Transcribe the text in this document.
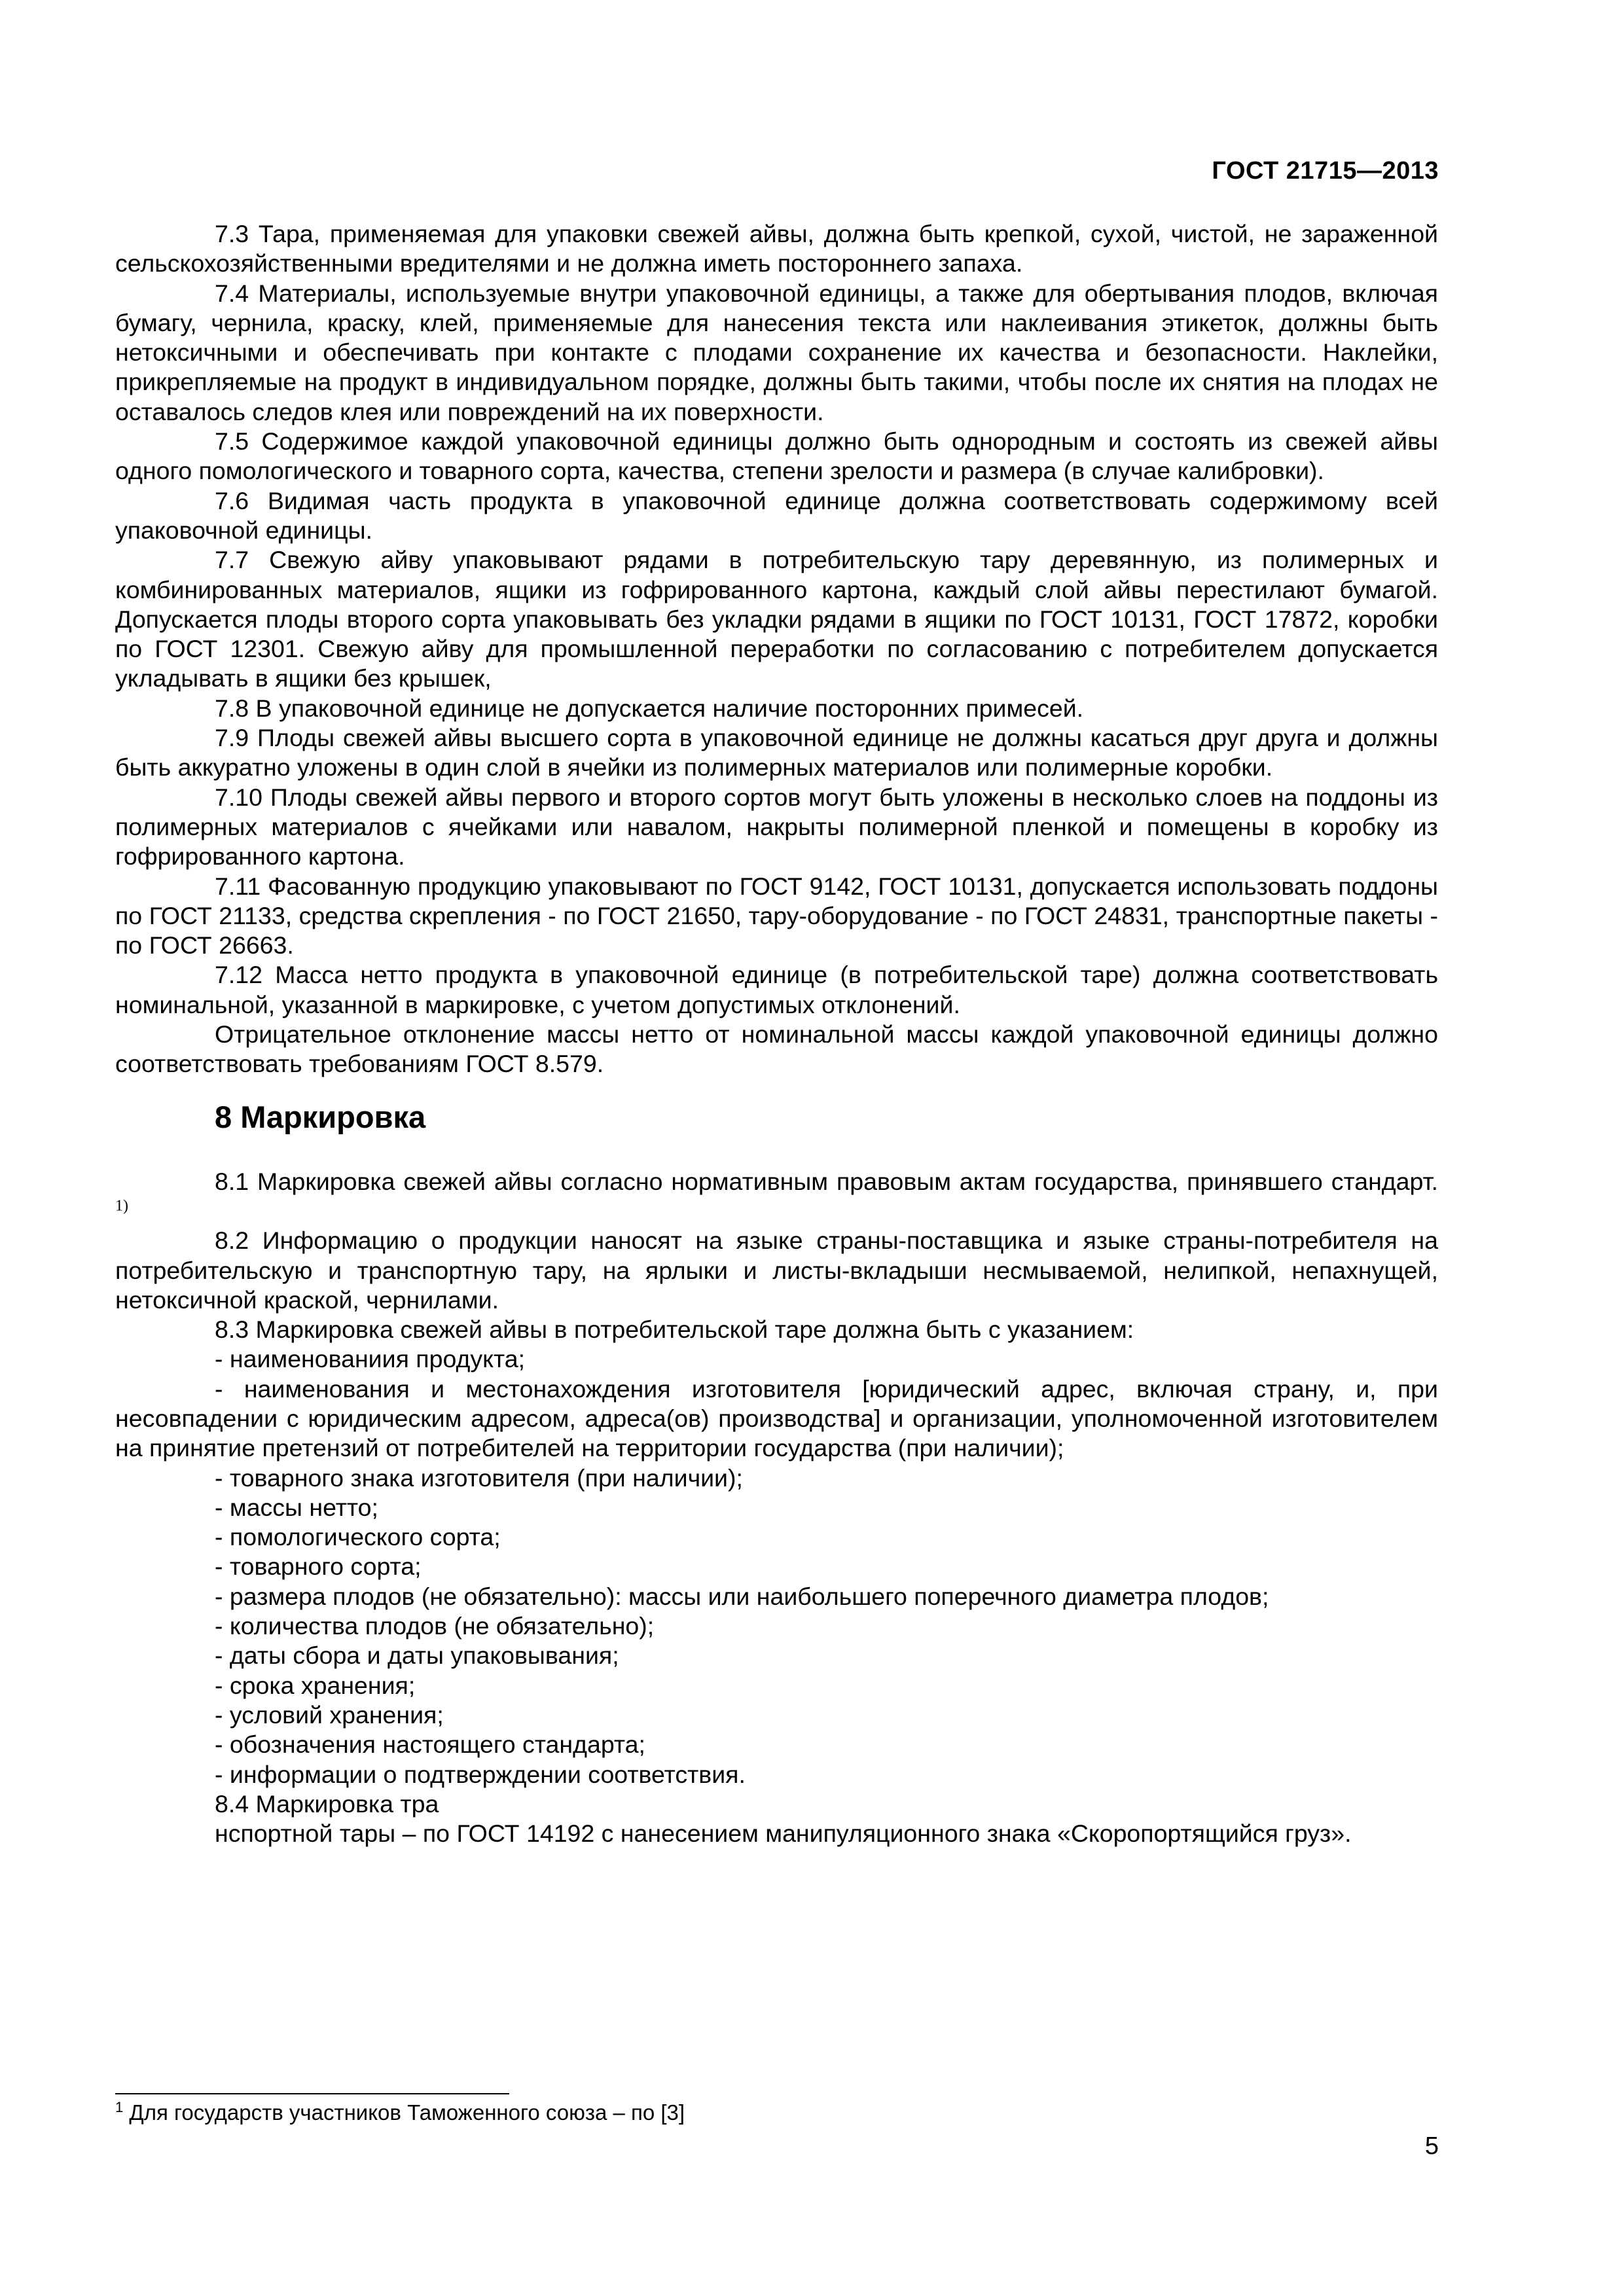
ГОСТ 21715—2013

7.3 Тара, применяемая для упаковки свежей айвы, должна быть крепкой, сухой, чистой, не зараженной сельскохозяйственными вредителями и не должна иметь постороннего запаха.

7.4 Материалы, используемые внутри упаковочной единицы, а также для обертывания плодов, включая бумагу, чернила, краску, клей, применяемые для нанесения текста или наклеивания этикеток, должны быть нетоксичными и обеспечивать при контакте с плодами сохранение их качества и безопасности. Наклейки, прикрепляемые на продукт в индивидуальном порядке, должны быть такими, чтобы после их снятия на плодах не оставалось следов клея или повреждений на их поверхности.

7.5 Содержимое каждой упаковочной единицы должно быть однородным и состоять из свежей айвы одного помологического и товарного сорта, качества, степени зрелости и размера (в случае калибровки).

7.6 Видимая часть продукта в упаковочной единице должна соответствовать содержимому всей упаковочной единицы.

7.7 Свежую айву упаковывают рядами в потребительскую тару деревянную, из полимерных и комбинированных материалов, ящики из гофрированного картона, каждый слой айвы перестилают бумагой. Допускается плоды второго сорта упаковывать без укладки рядами в ящики по ГОСТ 10131, ГОСТ 17872, коробки по ГОСТ 12301. Свежую айву для промышленной переработки по согласованию с потребителем допускается укладывать в ящики без крышек,

7.8 В упаковочной единице не допускается наличие посторонних примесей.

7.9 Плоды свежей айвы высшего сорта в упаковочной единице не должны касаться друг друга и должны быть аккуратно уложены в один слой в ячейки из полимерных материалов или полимерные коробки.

7.10 Плоды свежей айвы первого и второго сортов могут быть уложены в несколько слоев на поддоны из полимерных материалов с ячейками или навалом, накрыты полимерной пленкой и помещены в коробку из гофрированного картона.

7.11 Фасованную продукцию упаковывают по ГОСТ 9142, ГОСТ 10131, допускается использовать поддоны по ГОСТ 21133, средства скрепления - по ГОСТ 21650, тару-оборудование - по ГОСТ 24831, транспортные пакеты - по ГОСТ 26663.

7.12 Масса нетто продукта в упаковочной единице (в потребительской таре) должна соответствовать номинальной, указанной в маркировке, с учетом допустимых отклонений.

Отрицательное отклонение массы нетто от номинальной массы каждой упаковочной единицы должно соответствовать требованиям ГОСТ 8.579.

8 Маркировка

8.1 Маркировка свежей айвы согласно нормативным правовым актам государства, принявшего стандарт. $^{1)}$

8.2 Информацию о продукции наносят на языке страны-поставщика и языке страны-потребителя на потребительскую и транспортную тару, на ярлыки и листы-вкладыши несмываемой, нелипкой, непахнущей, нетоксичной краской, чернилами.

8.3 Маркировка свежей айвы в потребительской таре должна быть с указанием:

- наименованиия продукта;

- наименования и местонахождения изготовителя [юридический адрес, включая страну, и, при несовпадении с юридическим адресом, адреса(ов) производства] и организации, уполномоченной изготовителем на принятие претензий от потребителей на территории государства (при наличии);

- товарного знака изготовителя (при наличии);

- массы нетто;

- помологического сорта;

- товарного сорта;

- размера плодов (не обязательно): массы или наибольшего поперечного диаметра плодов;

- количества плодов (не обязательно);

- даты сбора и даты упаковывания;

- срока хранения;

- условий хранения;

- обозначения настоящего стандарта;

- информации о подтверждении соответствия.

8.4 Маркировка тра

нспортной тары – по ГОСТ 14192 с нанесением манипуляционного знака «Скоропортящийся груз».

$^1$ Для государств участников Таможенного союза – по [3]
5
